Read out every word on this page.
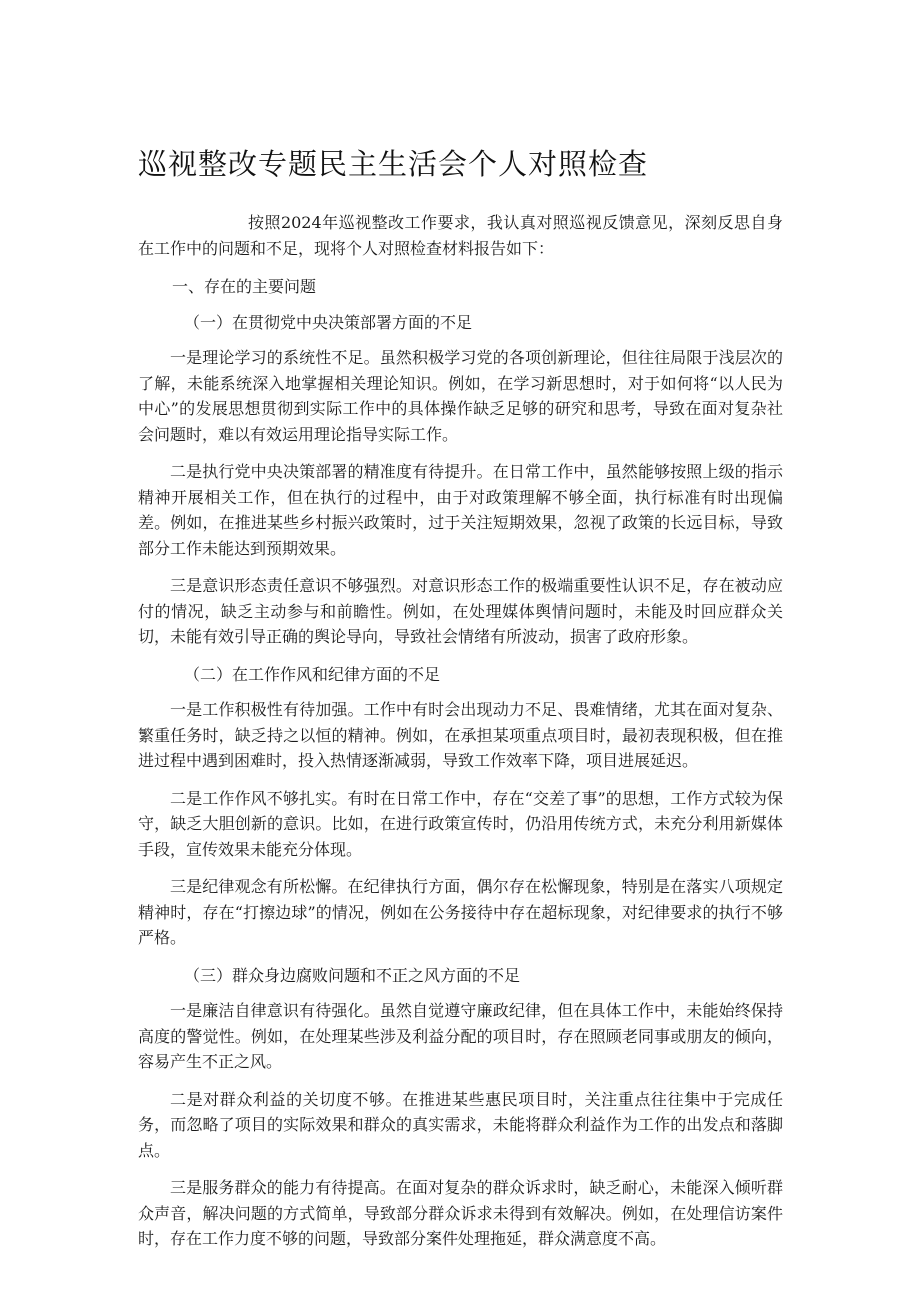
巡视整改专题民主生活会个人对照检查

按照2024年巡视整改工作要求，我认真对照巡视反馈意见，深刻反思自身在工作中的问题和不足，现将个人对照检查材料报告如下：

一、存在的主要问题

（一）在贯彻党中央决策部署方面的不足

一是理论学习的系统性不足。虽然积极学习党的各项创新理论，但往往局限于浅层次的了解，未能系统深入地掌握相关理论知识。例如，在学习新思想时，对于如何将“以人民为中心”的发展思想贯彻到实际工作中的具体操作缺乏足够的研究和思考，导致在面对复杂社会问题时，难以有效运用理论指导实际工作。

二是执行党中央决策部署的精准度有待提升。在日常工作中，虽然能够按照上级的指示精神开展相关工作，但在执行的过程中，由于对政策理解不够全面，执行标准有时出现偏差。例如，在推进某些乡村振兴政策时，过于关注短期效果，忽视了政策的长远目标，导致部分工作未能达到预期效果。

三是意识形态责任意识不够强烈。对意识形态工作的极端重要性认识不足，存在被动应付的情况，缺乏主动参与和前瞻性。例如，在处理媒体舆情问题时，未能及时回应群众关切，未能有效引导正确的舆论导向，导致社会情绪有所波动，损害了政府形象。

（二）在工作作风和纪律方面的不足

一是工作积极性有待加强。工作中有时会出现动力不足、畏难情绪，尤其在面对复杂、繁重任务时，缺乏持之以恒的精神。例如，在承担某项重点项目时，最初表现积极，但在推进过程中遇到困难时，投入热情逐渐减弱，导致工作效率下降，项目进展延迟。

二是工作作风不够扎实。有时在日常工作中，存在“交差了事”的思想，工作方式较为保守，缺乏大胆创新的意识。比如，在进行政策宣传时，仍沿用传统方式，未充分利用新媒体手段，宣传效果未能充分体现。

三是纪律观念有所松懈。在纪律执行方面，偶尔存在松懈现象，特别是在落实八项规定精神时，存在“打擦边球”的情况，例如在公务接待中存在超标现象，对纪律要求的执行不够严格。

（三）群众身边腐败问题和不正之风方面的不足

一是廉洁自律意识有待强化。虽然自觉遵守廉政纪律，但在具体工作中，未能始终保持高度的警觉性。例如，在处理某些涉及利益分配的项目时，存在照顾老同事或朋友的倾向，容易产生不正之风。

二是对群众利益的关切度不够。在推进某些惠民项目时，关注重点往往集中于完成任务，而忽略了项目的实际效果和群众的真实需求，未能将群众利益作为工作的出发点和落脚点。

三是服务群众的能力有待提高。在面对复杂的群众诉求时，缺乏耐心，未能深入倾听群众声音，解决问题的方式简单，导致部分群众诉求未得到有效解决。例如，在处理信访案件时，存在工作力度不够的问题，导致部分案件处理拖延，群众满意度不高。
